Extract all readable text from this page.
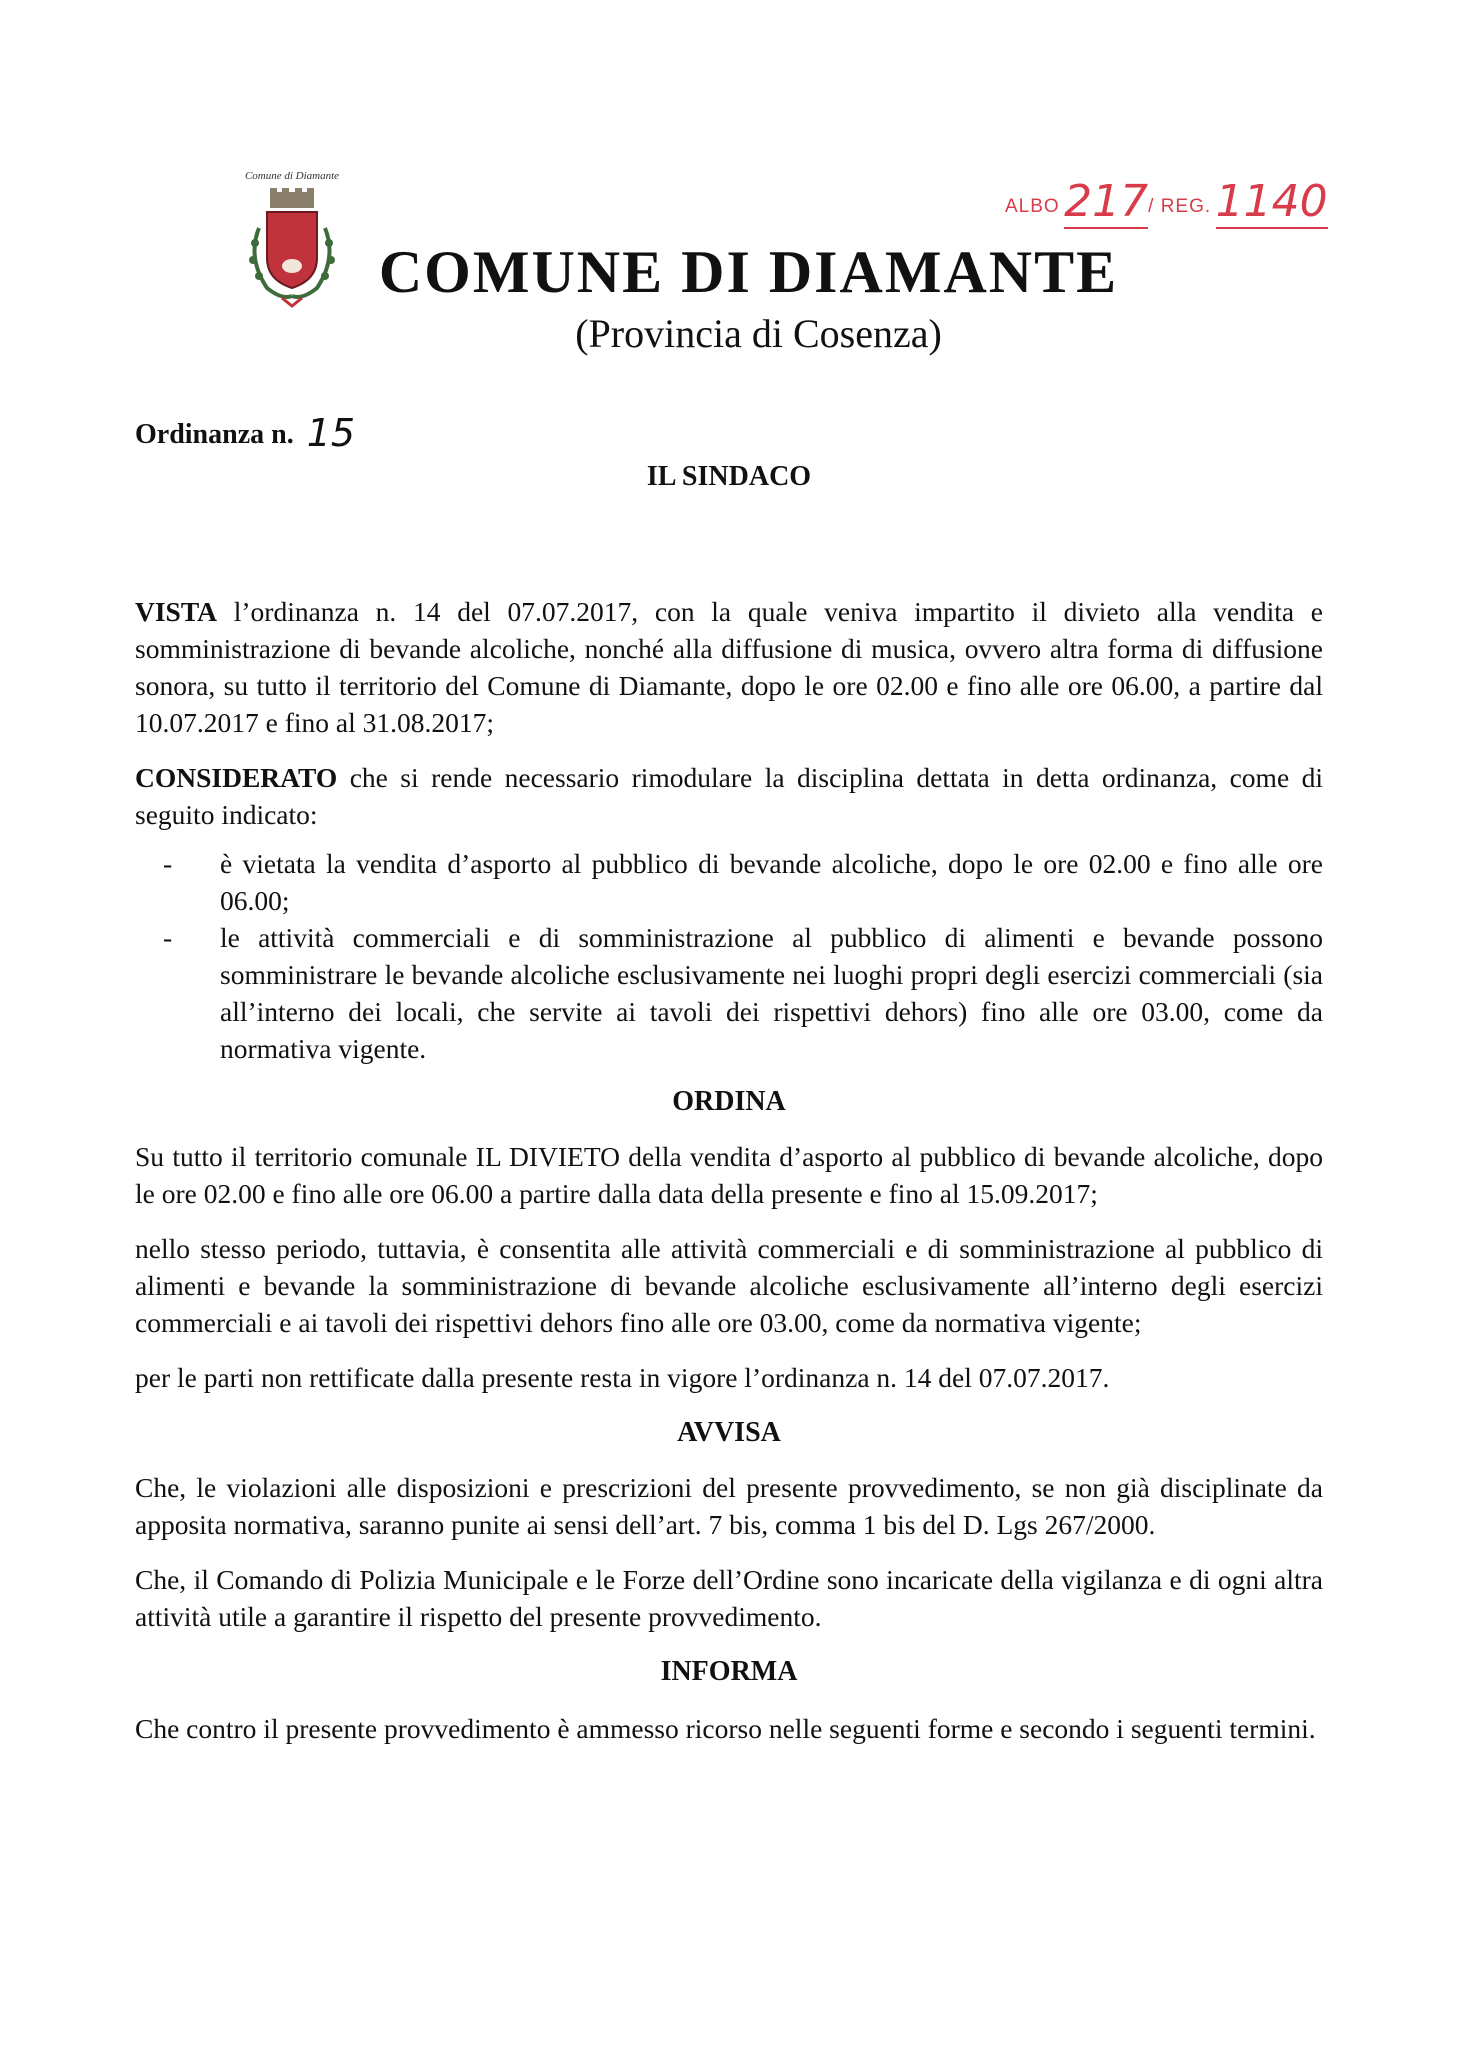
Comune di Diamante
ALBO 217/ REG. 1140
COMUNE DI DIAMANTE
(Provincia di Cosenza)
Ordinanza n. 15

IL SINDACO

VISTA l’ordinanza n. 14 del 07.07.2017, con la quale veniva impartito il divieto alla vendita e somministrazione di bevande alcoliche, nonché alla diffusione di musica, ovvero altra forma di diffusione sonora, su tutto il territorio del Comune di Diamante, dopo le ore 02.00 e fino alle ore 06.00, a partire dal 10.07.2017 e fino al 31.08.2017;

CONSIDERATO che si rende necessario rimodulare la disciplina dettata in detta ordinanza, come di seguito indicato:

- è vietata la vendita d’asporto al pubblico di bevande alcoliche, dopo le ore 02.00 e fino alle ore 06.00;
- le attività commerciali e di somministrazione al pubblico di alimenti e bevande possono somministrare le bevande alcoliche esclusivamente nei luoghi propri degli esercizi commerciali (sia all’interno dei locali, che servite ai tavoli dei rispettivi dehors) fino alle ore 03.00, come da normativa vigente.

ORDINA

Su tutto il territorio comunale IL DIVIETO della vendita d’asporto al pubblico di bevande alcoliche, dopo le ore 02.00 e fino alle ore 06.00 a partire dalla data della presente e fino al 15.09.2017;

nello stesso periodo, tuttavia, è consentita alle attività commerciali e di somministrazione al pubblico di alimenti e bevande la somministrazione di bevande alcoliche esclusivamente all’interno degli esercizi commerciali e ai tavoli dei rispettivi dehors fino alle ore 03.00, come da normativa vigente;

per le parti non rettificate dalla presente resta in vigore l’ordinanza n. 14 del 07.07.2017.

AVVISA

Che, le violazioni alle disposizioni e prescrizioni del presente provvedimento, se non già disciplinate da apposita normativa, saranno punite ai sensi dell’art. 7 bis, comma 1 bis del D. Lgs 267/2000.

Che, il Comando di Polizia Municipale e le Forze dell’Ordine sono incaricate della vigilanza e di ogni altra attività utile a garantire il rispetto del presente provvedimento.

INFORMA

Che contro il presente provvedimento è ammesso ricorso nelle seguenti forme e secondo i seguenti termini.
